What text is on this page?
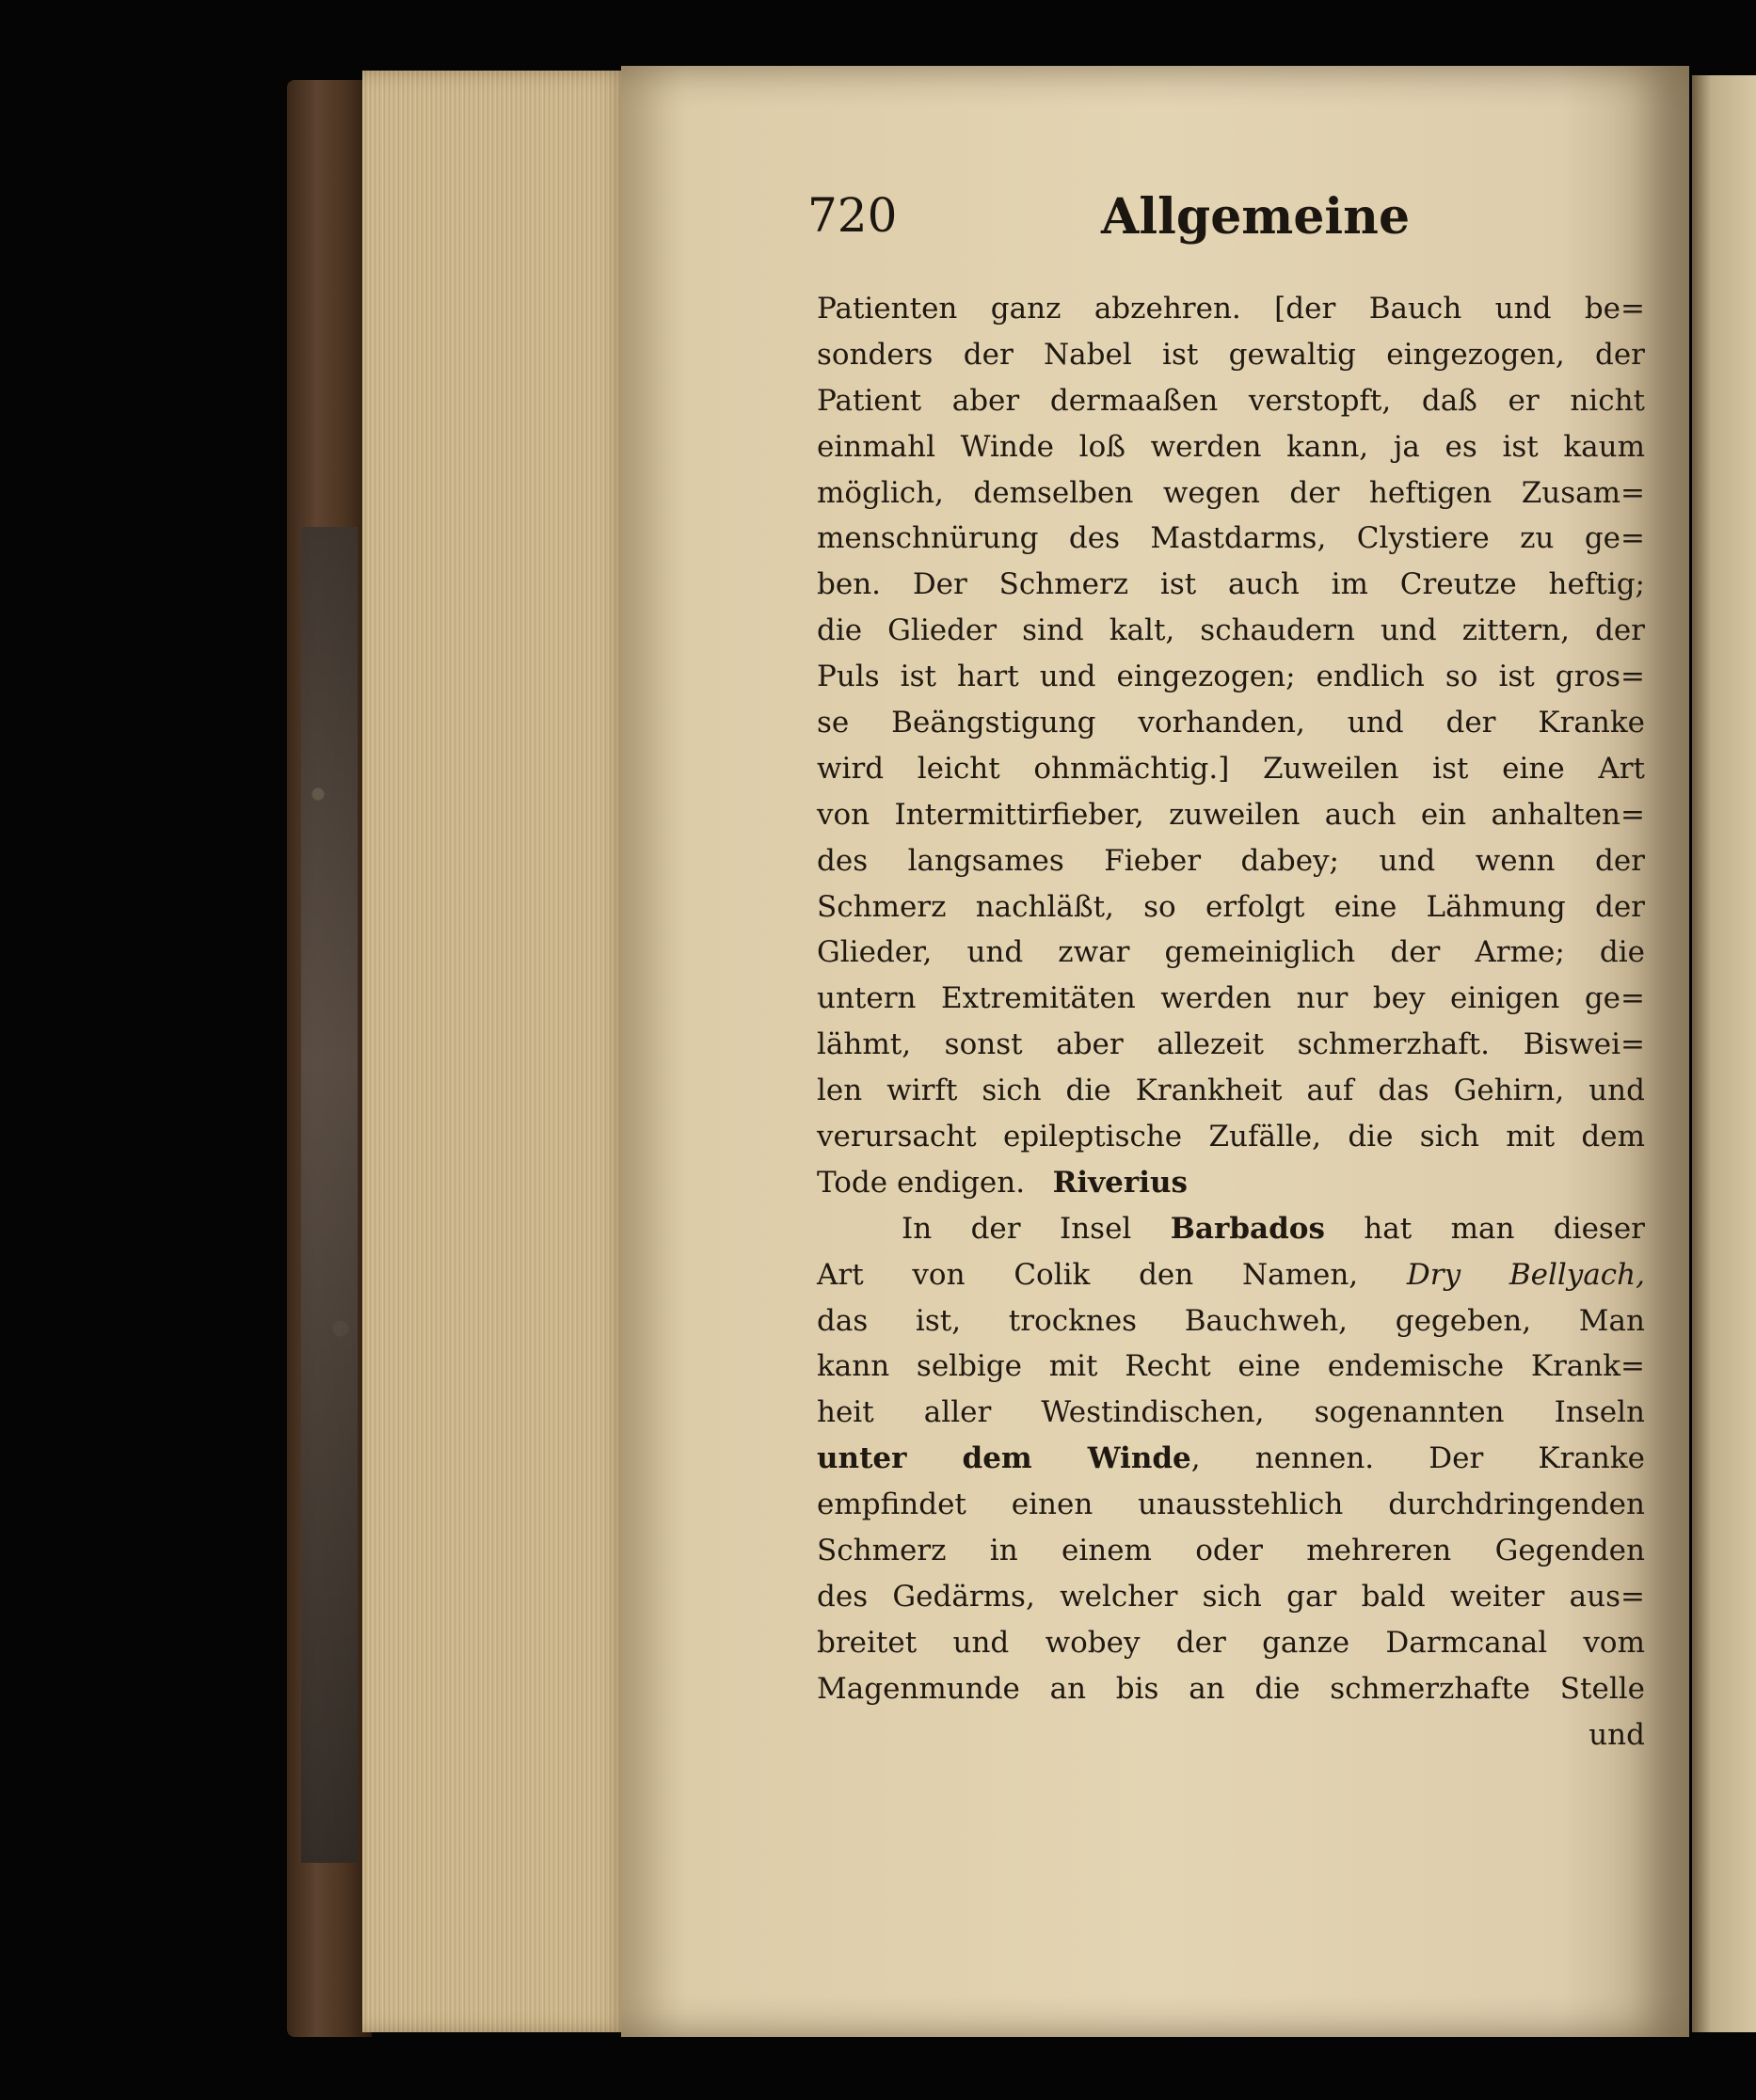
720	Allgemeine
Patienten ganz abzehren. [der Bauch und be=
sonders der Nabel ist gewaltig eingezogen, der
Patient aber dermaaßen verstopft, daß er nicht
einmahl Winde loß werden kann, ja es ist kaum
möglich, demselben wegen der heftigen Zusam=
menschnürung des Mastdarms, Clystiere zu ge=
ben. Der Schmerz ist auch im Creutze heftig;
die Glieder sind kalt, schaudern und zittern, der
Puls ist hart und eingezogen; endlich so ist gros=
se Beängstigung vorhanden, und der Kranke
wird leicht ohnmächtig.] Zuweilen ist eine Art
von Intermittirfieber, zuweilen auch ein anhalten=
des langsames Fieber dabey; und wenn der
Schmerz nachläßt, so erfolgt eine Lähmung der
Glieder, und zwar gemeiniglich der Arme; die
untern Extremitäten werden nur bey einigen ge=
lähmt, sonst aber allezeit schmerzhaft. Biswei=
len wirft sich die Krankheit auf das Gehirn, und
verursacht epileptische Zufälle, die sich mit dem
Tode endigen. Riverius
In der Insel Barbados hat man dieser
Art von Colik den Namen, Dry Bellyach,
das ist, trocknes Bauchweh, gegeben, Man
kann selbige mit Recht eine endemische Krank=
heit aller Westindischen, sogenannten Inseln
unter dem Winde, nennen. Der Kranke
empfindet einen unausstehlich durchdringenden
Schmerz in einem oder mehreren Gegenden
des Gedärms, welcher sich gar bald weiter aus=
breitet und wobey der ganze Darmcanal vom
Magenmunde an bis an die schmerzhafte Stelle
und
